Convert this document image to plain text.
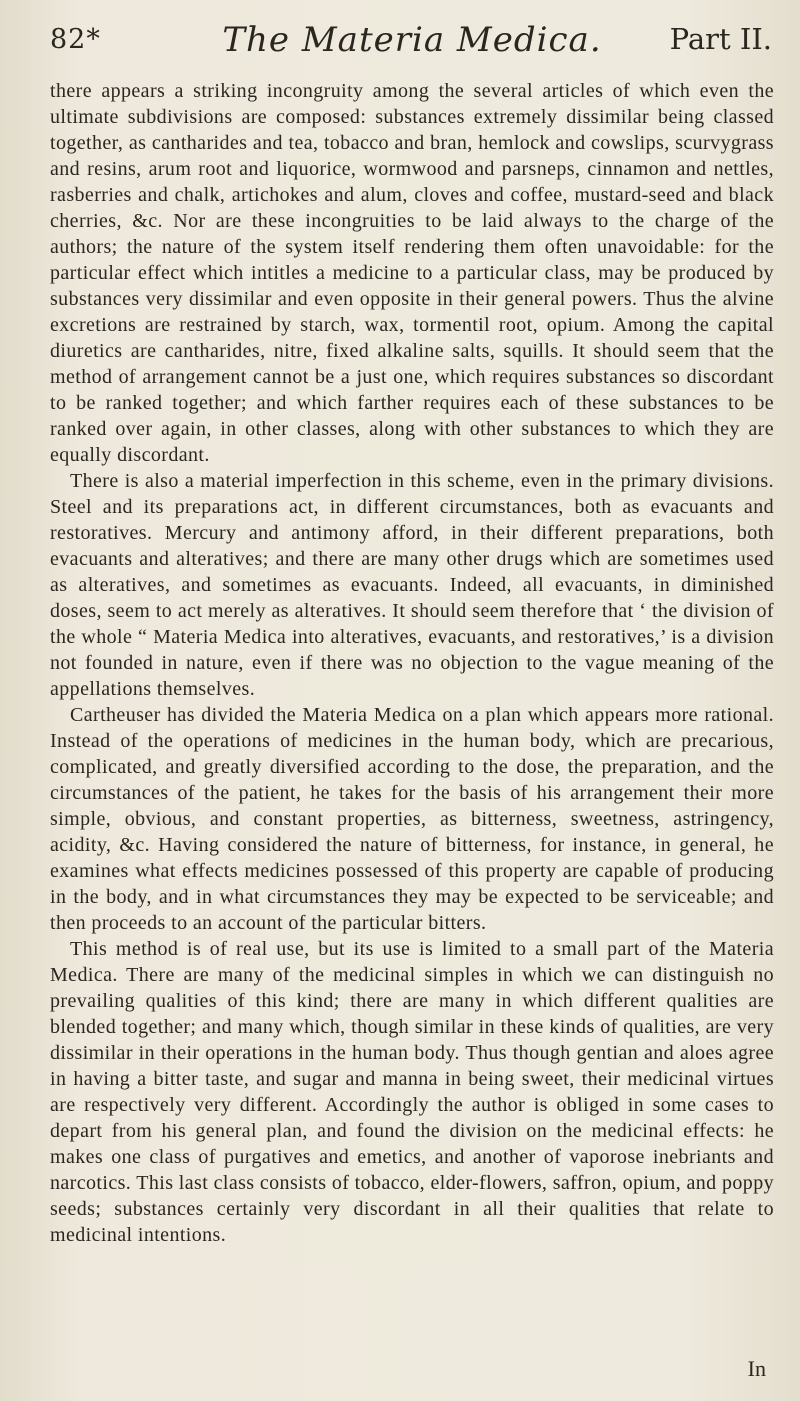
82*	The Materia Medica.	Part II.

there appears a striking incongruity among the several articles of which even the ultimate subdivisions are composed: substances extremely dissimilar being classed together, as cantharides and tea, tobacco and bran, hemlock and cowslips, scurvygrass and resins, arum root and liquorice, wormwood and parsneps, cinnamon and nettles, rasberries and chalk, artichokes and alum, cloves and coffee, mustard-seed and black cherries, &c. Nor are these incongruities to be laid always to the charge of the authors; the nature of the system itself rendering them often unavoidable: for the particular effect which intitles a medicine to a particular class, may be produced by substances very dissimilar and even opposite in their general powers. Thus the alvine excretions are restrained by starch, wax, tormentil root, opium. Among the capital diuretics are cantharides, nitre, fixed alkaline salts, squills. It should seem that the method of arrangement cannot be a just one, which requires substances so discordant to be ranked together; and which farther requires each of these substances to be ranked over again, in other classes, along with other substances to which they are equally discordant.

There is also a material imperfection in this scheme, even in the primary divisions. Steel and its preparations act, in different circumstances, both as evacuants and restoratives. Mercury and antimony afford, in their different preparations, both evacuants and alteratives; and there are many other drugs which are sometimes used as alteratives, and sometimes as evacuants. Indeed, all evacuants, in diminished doses, seem to act merely as alteratives. It should seem therefore that ‘ the division of the whole “ Materia Medica into alteratives, evacuants, and restoratives,’ is a division not founded in nature, even if there was no objection to the vague meaning of the appellations themselves.

Cartheuser has divided the Materia Medica on a plan which appears more rational. Instead of the operations of medicines in the human body, which are precarious, complicated, and greatly diversified according to the dose, the preparation, and the circumstances of the patient, he takes for the basis of his arrangement their more simple, obvious, and constant properties, as bitterness, sweetness, astringency, acidity, &c. Having considered the nature of bitterness, for instance, in general, he examines what effects medicines possessed of this property are capable of producing in the body, and in what circumstances they may be expected to be serviceable; and then proceeds to an account of the particular bitters.

This method is of real use, but its use is limited to a small part of the Materia Medica. There are many of the medicinal simples in which we can distinguish no prevailing qualities of this kind; there are many in which different qualities are blended together; and many which, though similar in these kinds of qualities, are very dissimilar in their operations in the human body. Thus though gentian and aloes agree in having a bitter taste, and sugar and manna in being sweet, their medicinal virtues are respectively very different. Accordingly the author is obliged in some cases to depart from his general plan, and found the division on the medicinal effects: he makes one class of purgatives and emetics, and another of vaporose inebriants and narcotics. This last class consists of tobacco, elder-flowers, saffron, opium, and poppy seeds; substances certainly very discordant in all their qualities that relate to medicinal intentions.

In
